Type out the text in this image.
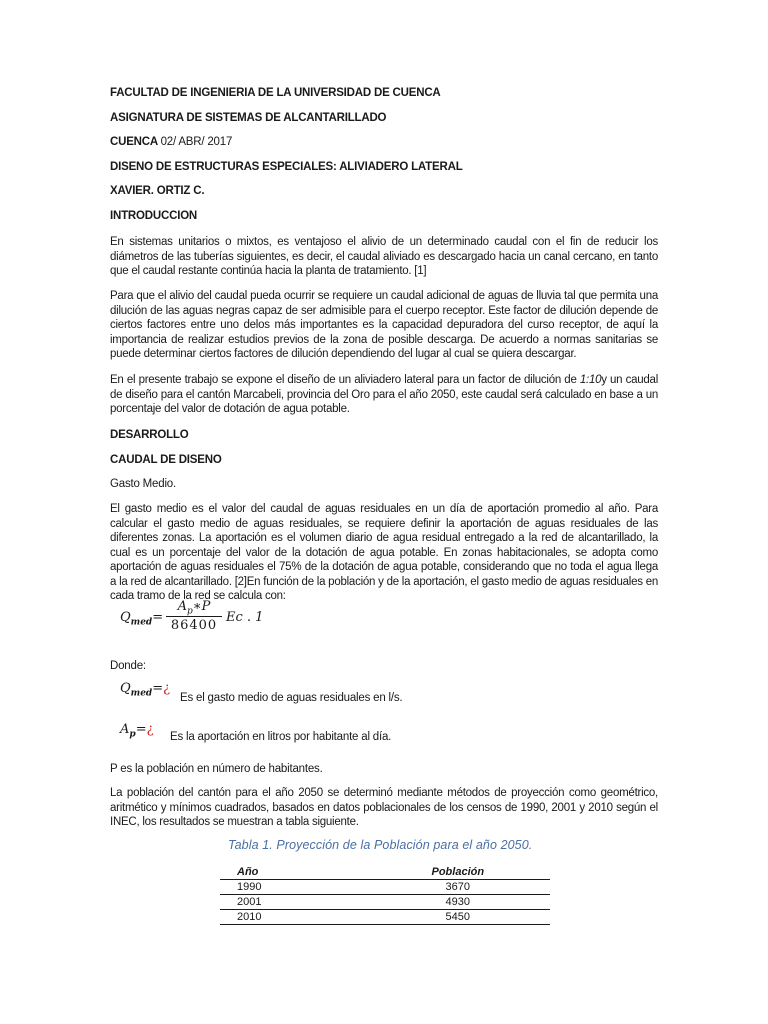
FACULTAD DE INGENIERIA DE LA UNIVERSIDAD DE CUENCA

ASIGNATURA DE SISTEMAS DE ALCANTARILLADO

CUENCA 02/ ABR/ 2017

DISENO DE ESTRUCTURAS ESPECIALES: ALIVIADERO LATERAL

XAVIER. ORTIZ C.

INTRODUCCION

En sistemas unitarios o mixtos, es ventajoso el alivio de un determinado caudal con el fin de reducir los diámetros de las tuberías siguientes, es decir, el caudal aliviado es descargado hacia un canal cercano, en tanto que el caudal restante continúa hacia la planta de tratamiento. [1]

Para que el alivio del caudal pueda ocurrir se requiere un caudal adicional de aguas de lluvia tal que permita una dilución de las aguas negras capaz de ser admisible para el cuerpo receptor. Este factor de dilución depende de ciertos factores entre uno delos más importantes es la capacidad depuradora del curso receptor, de aquí la importancia de realizar estudios previos de la zona de posible descarga. De acuerdo a normas sanitarias se puede determinar ciertos factores de dilución dependiendo del lugar al cual se quiera descargar.

En el presente trabajo se expone el diseño de un aliviadero lateral para un factor de dilución de 1:10y un caudal de diseño para el cantón Marcabeli, provincia del Oro para el año 2050, este caudal será calculado en base a un porcentaje del valor de dotación de agua potable.

DESARROLLO

CAUDAL DE DISENO

Gasto Medio.

El gasto medio es el valor del caudal de aguas residuales en un día de aportación promedio al año. Para calcular el gasto medio de aguas residuales, se requiere definir la aportación de aguas residuales de las diferentes zonas. La aportación es el volumen diario de agua residual entregado a la red de alcantarillado, la cual es un porcentaje del valor de la dotación de agua potable. En zonas habitacionales, se adopta como aportación de aguas residuales el 75% de la dotación de agua potable, considerando que no toda el agua llega a la red de alcantarillado. [2]En función de la población y de la aportación, el gasto medio de aguas residuales en cada tramo de la red se calcula con:

$Q_{med}=$
$A_p∗P$
86400
Ec . 1

Donde:

$Q_{med}=¿$

Es el gasto medio de aguas residuales en l/s.

$A_p=¿$ Es la aportación en litros por habitante al día.

P es la población en número de habitantes.

La población del cantón para el año 2050 se determinó mediante métodos de proyección como geométrico, aritmético y mínimos cuadrados, basados en datos poblacionales de los censos de 1990, 2001 y 2010 según el INEC, los resultados se muestran a tabla siguiente.

Tabla 1. Proyección de la Población para el año 2050.

Año	Población
1990	3670
2001	4930
2010	5450
